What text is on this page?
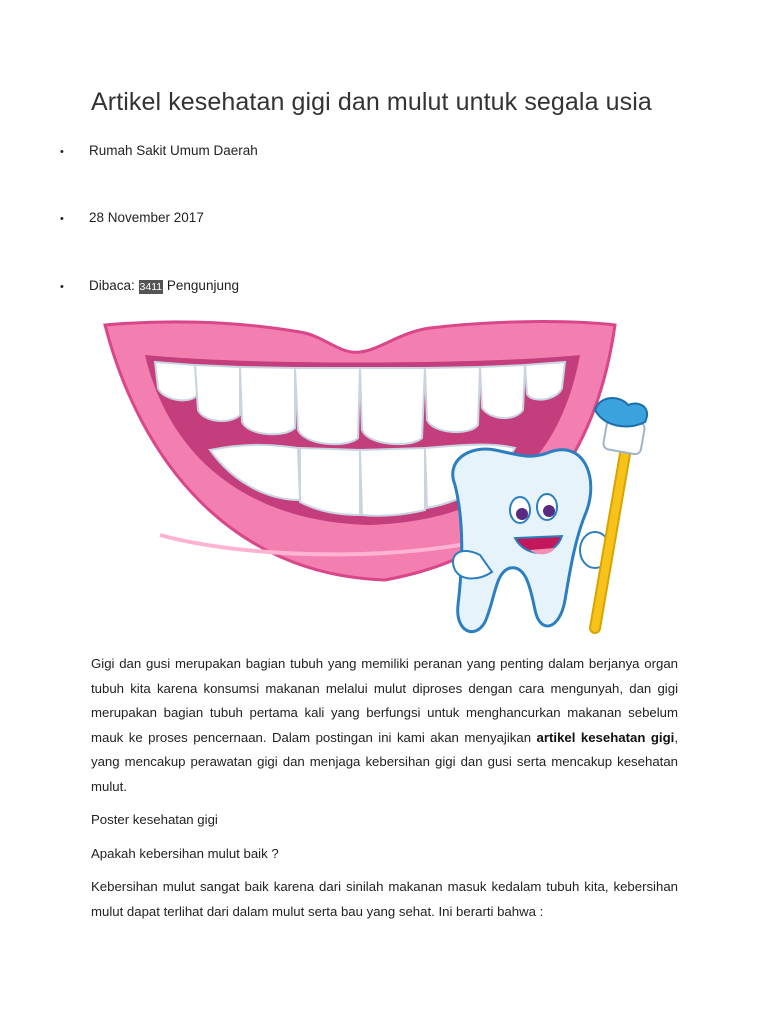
Artikel kesehatan gigi dan mulut untuk segala usia
• Rumah Sakit Umum Daerah
• 28 November 2017
• Dibaca: 3411 Pengunjung

Gigi dan gusi merupakan bagian tubuh yang memiliki peranan yang penting dalam berjanya organ tubuh kita karena konsumsi makanan melalui mulut diproses dengan cara mengunyah, dan gigi merupakan bagian tubuh pertama kali yang berfungsi untuk menghancurkan makanan sebelum mauk ke proses pencernaan. Dalam postingan ini kami akan menyajikan artikel kesehatan gigi, yang mencakup perawatan gigi dan menjaga kebersihan gigi dan gusi serta mencakup kesehatan mulut.

Poster kesehatan gigi

Apakah kebersihan mulut baik ?

Kebersihan mulut sangat baik karena dari sinilah makanan masuk kedalam tubuh kita, kebersihan mulut dapat terlihat dari dalam mulut serta bau yang sehat. Ini berarti bahwa :
